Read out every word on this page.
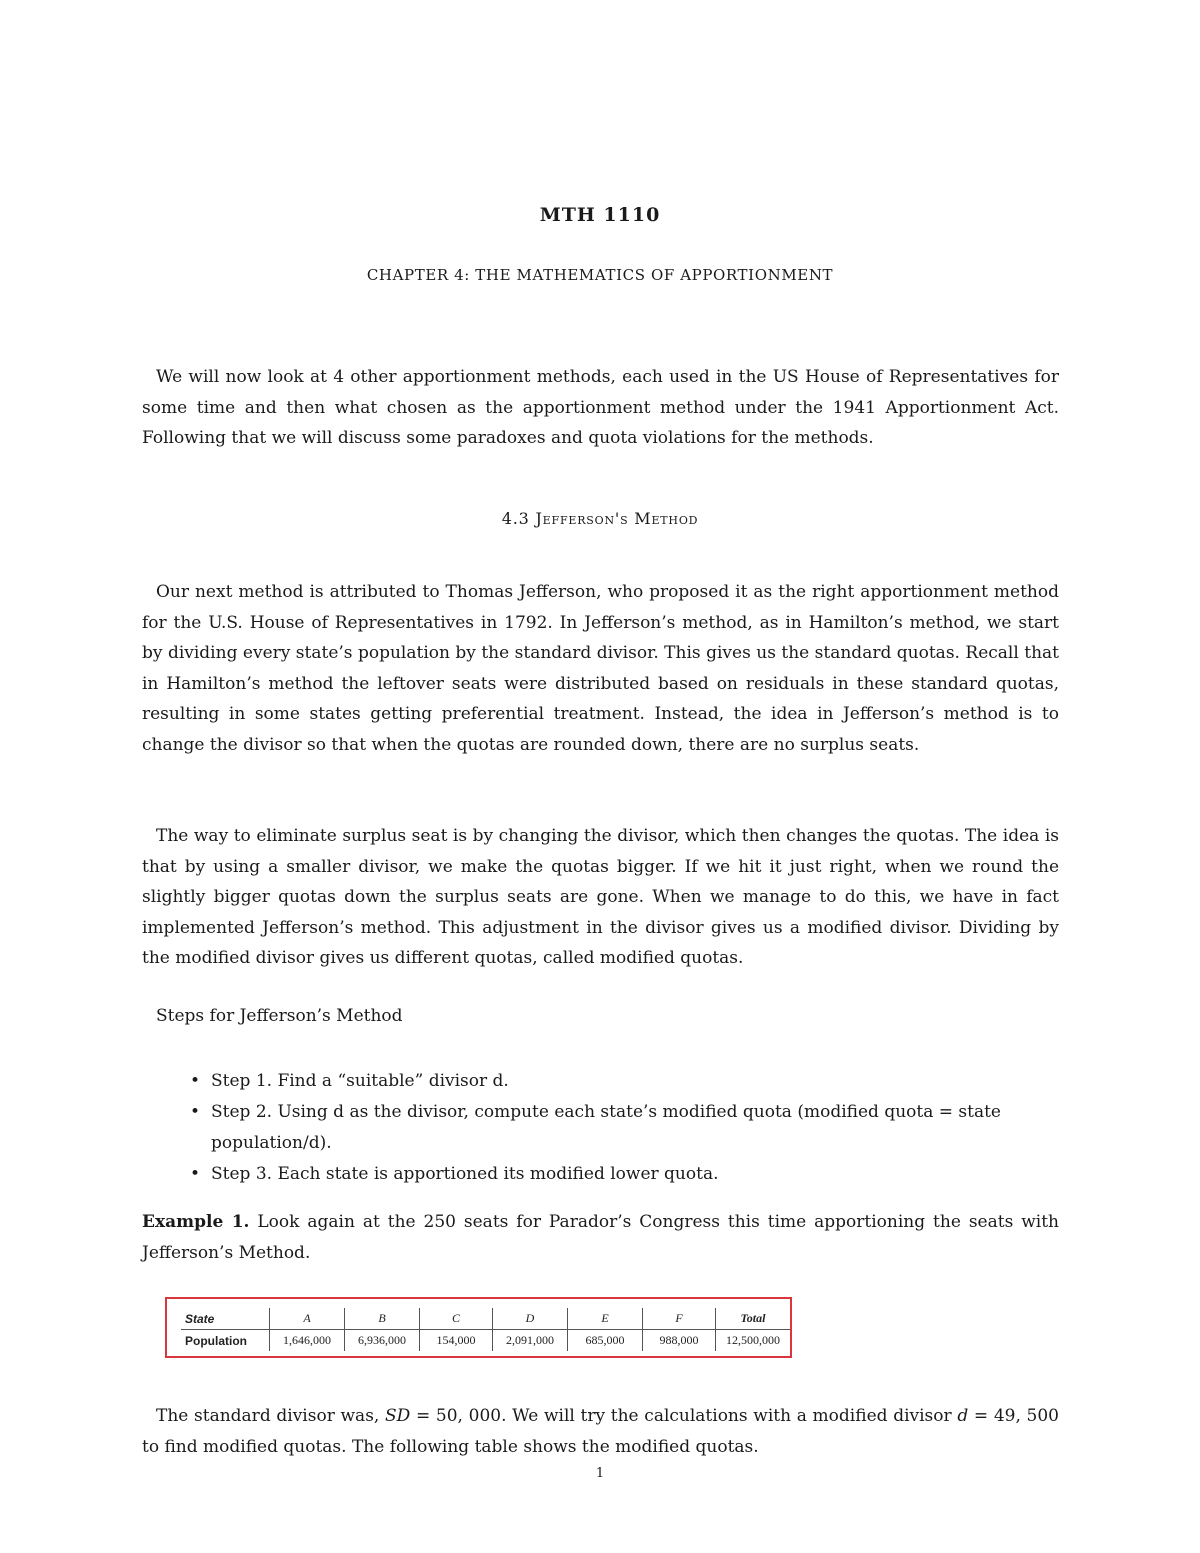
MTH 1110
CHAPTER 4: THE MATHEMATICS OF APPORTIONMENT

We will now look at 4 other apportionment methods, each used in the US House of Representatives for some time and then what chosen as the apportionment method under the 1941 Apportionment Act. Following that we will discuss some paradoxes and quota violations for the methods.

4.3 Jefferson's Method

Our next method is attributed to Thomas Jefferson, who proposed it as the right apportionment method for the U.S. House of Representatives in 1792. In Jefferson’s method, as in Hamilton’s method, we start by dividing every state’s population by the standard divisor. This gives us the standard quotas. Recall that in Hamilton’s method the leftover seats were distributed based on residuals in these standard quotas, resulting in some states getting preferential treatment. Instead, the idea in Jefferson’s method is to change the divisor so that when the quotas are rounded down, there are no surplus seats.

The way to eliminate surplus seat is by changing the divisor, which then changes the quotas. The idea is that by using a smaller divisor, we make the quotas bigger. If we hit it just right, when we round the slightly bigger quotas down the surplus seats are gone. When we manage to do this, we have in fact implemented Jefferson’s method. This adjustment in the divisor gives us a modified divisor. Dividing by the modified divisor gives us different quotas, called modified quotas.

Steps for Jefferson’s Method
• Step 1. Find a “suitable” divisor d.
• Step 2. Using d as the divisor, compute each state’s modified quota (modified quota = state population/d).
• Step 3. Each state is apportioned its modified lower quota.

Example 1. Look again at the 250 seats for Parador’s Congress this time apportioning the seats with Jefferson’s Method.

State	A	B	C	D	E	F	Total
Population	1,646,000	6,936,000	154,000	2,091,000	685,000	988,000	12,500,000

The standard divisor was, SD = 50, 000. We will try the calculations with a modified divisor d = 49, 500 to find modified quotas. The following table shows the modified quotas.

1
